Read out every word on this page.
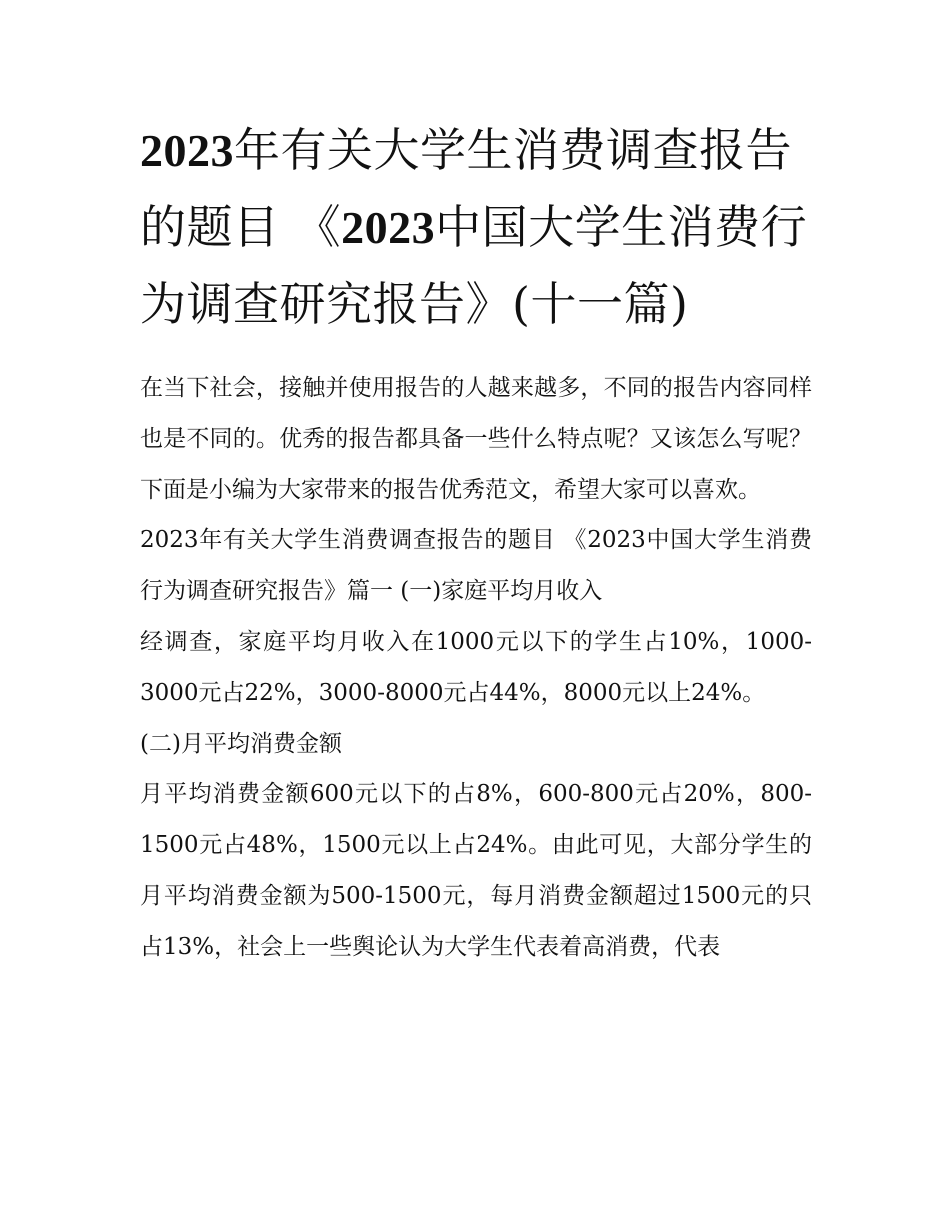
2023年有关大学生消费调查报告的题目 《2023中国大学生消费行为调查研究报告》(十一篇)

在当下社会，接触并使用报告的人越来越多，不同的报告内容同样也是不同的。优秀的报告都具备一些什么特点呢？又该怎么写呢？下面是小编为大家带来的报告优秀范文，希望大家可以喜欢。

2023年有关大学生消费调查报告的题目 《2023中国大学生消费行为调查研究报告》篇一 (一)家庭平均月收入

经调查，家庭平均月收入在1000元以下的学生占10%，1000-3000元占22%，3000-8000元占44%，8000元以上24%。

(二)月平均消费金额

月平均消费金额600元以下的占8%，600-800元占20%，800-1500元占48%，1500元以上占24%。由此可见，大部分学生的月平均消费金额为500-1500元，每月消费金额超过1500元的只占13%，社会上一些舆论认为大学生代表着高消费，代表
